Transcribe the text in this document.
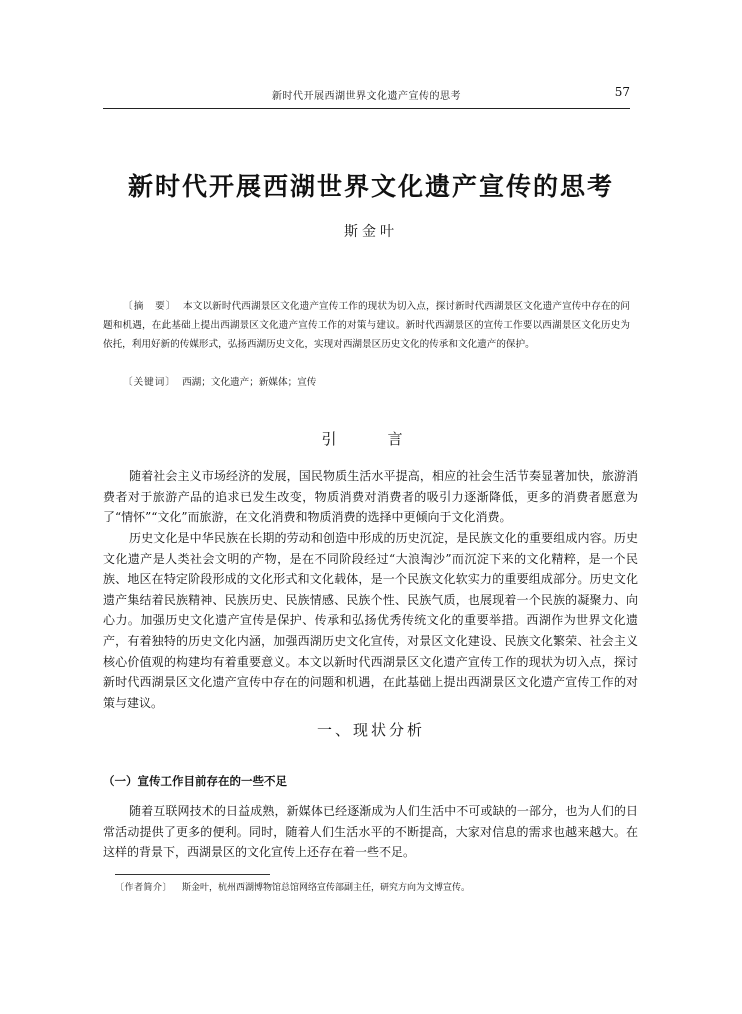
新时代开展西湖世界文化遗产宣传的思考	57
新时代开展西湖世界文化遗产宣传的思考
斯金叶

〔摘　要〕 本文以新时代西湖景区文化遗产宣传工作的现状为切入点，探讨新时代西湖景区文化遗产宣传中存在的问题和机遇，在此基础上提出西湖景区文化遗产宣传工作的对策与建议。新时代西湖景区的宣传工作要以西湖景区文化历史为依托，利用好新的传媒形式，弘扬西湖历史文化，实现对西湖景区历史文化的传承和文化遗产的保护。

〔关键词〕 西湖；文化遗产；新媒体；宣传

引　言

随着社会主义市场经济的发展，国民物质生活水平提高，相应的社会生活节奏显著加快，旅游消费者对于旅游产品的追求已发生改变，物质消费对消费者的吸引力逐渐降低，更多的消费者愿意为了“情怀”“文化”而旅游，在文化消费和物质消费的选择中更倾向于文化消费。

历史文化是中华民族在长期的劳动和创造中形成的历史沉淀，是民族文化的重要组成内容。历史文化遗产是人类社会文明的产物，是在不同阶段经过“大浪淘沙”而沉淀下来的文化精粹，是一个民族、地区在特定阶段形成的文化形式和文化载体，是一个民族文化软实力的重要组成部分。历史文化遗产集结着民族精神、民族历史、民族情感、民族个性、民族气质，也展现着一个民族的凝聚力、向心力。加强历史文化遗产宣传是保护、传承和弘扬优秀传统文化的重要举措。西湖作为世界文化遗产，有着独特的历史文化内涵，加强西湖历史文化宣传，对景区文化建设、民族文化繁荣、社会主义核心价值观的构建均有着重要意义。本文以新时代西湖景区文化遗产宣传工作的现状为切入点，探讨新时代西湖景区文化遗产宣传中存在的问题和机遇，在此基础上提出西湖景区文化遗产宣传工作的对策与建议。

一、现状分析
（一）宣传工作目前存在的一些不足

随着互联网技术的日益成熟，新媒体已经逐渐成为人们生活中不可或缺的一部分，也为人们的日常活动提供了更多的便利。同时，随着人们生活水平的不断提高，大家对信息的需求也越来越大。在这样的背景下，西湖景区的文化宣传上还存在着一些不足。

〔作者简介〕 斯金叶，杭州西湖博物馆总馆网络宣传部副主任，研究方向为文博宣传。
